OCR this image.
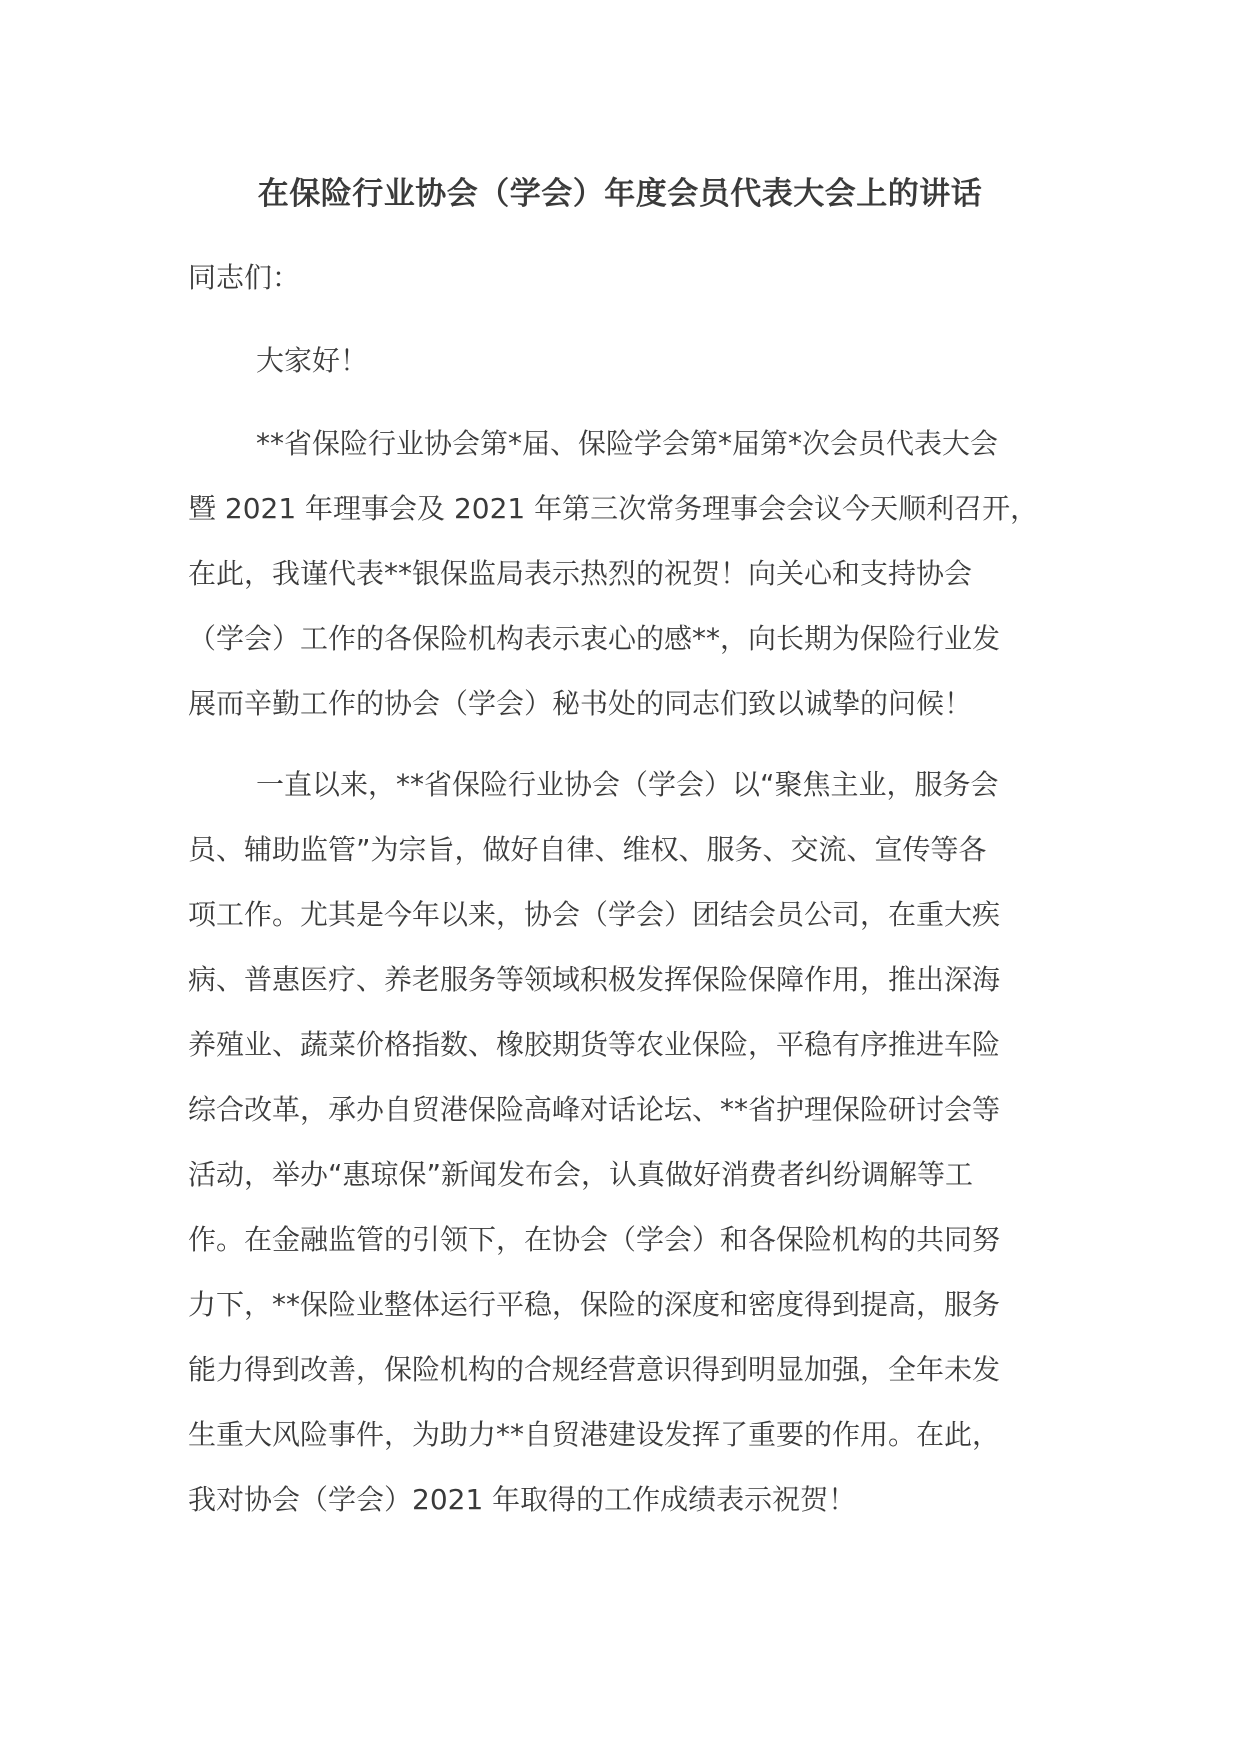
在保险行业协会（学会）年度会员代表大会上的讲话

同志们：

大家好！

**省保险行业协会第*届、保险学会第*届第*次会员代表大会
暨 2021 年理事会及 2021 年第三次常务理事会会议今天顺利召开，
在此，我谨代表**银保监局表示热烈的祝贺！向关心和支持协会
（学会）工作的各保险机构表示衷心的感**，向长期为保险行业发
展而辛勤工作的协会（学会）秘书处的同志们致以诚挚的问候！
一直以来，**省保险行业协会（学会）以“聚焦主业，服务会
员、辅助监管”为宗旨，做好自律、维权、服务、交流、宣传等各
项工作。尤其是今年以来，协会（学会）团结会员公司，在重大疾
病、普惠医疗、养老服务等领域积极发挥保险保障作用，推出深海
养殖业、蔬菜价格指数、橡胶期货等农业保险，平稳有序推进车险
综合改革，承办自贸港保险高峰对话论坛、**省护理保险研讨会等
活动，举办“惠琼保”新闻发布会，认真做好消费者纠纷调解等工
作。在金融监管的引领下，在协会（学会）和各保险机构的共同努
力下，**保险业整体运行平稳，保险的深度和密度得到提高，服务
能力得到改善，保险机构的合规经营意识得到明显加强，全年未发
生重大风险事件，为助力**自贸港建设发挥了重要的作用。在此，
我对协会（学会）2021 年取得的工作成绩表示祝贺！
